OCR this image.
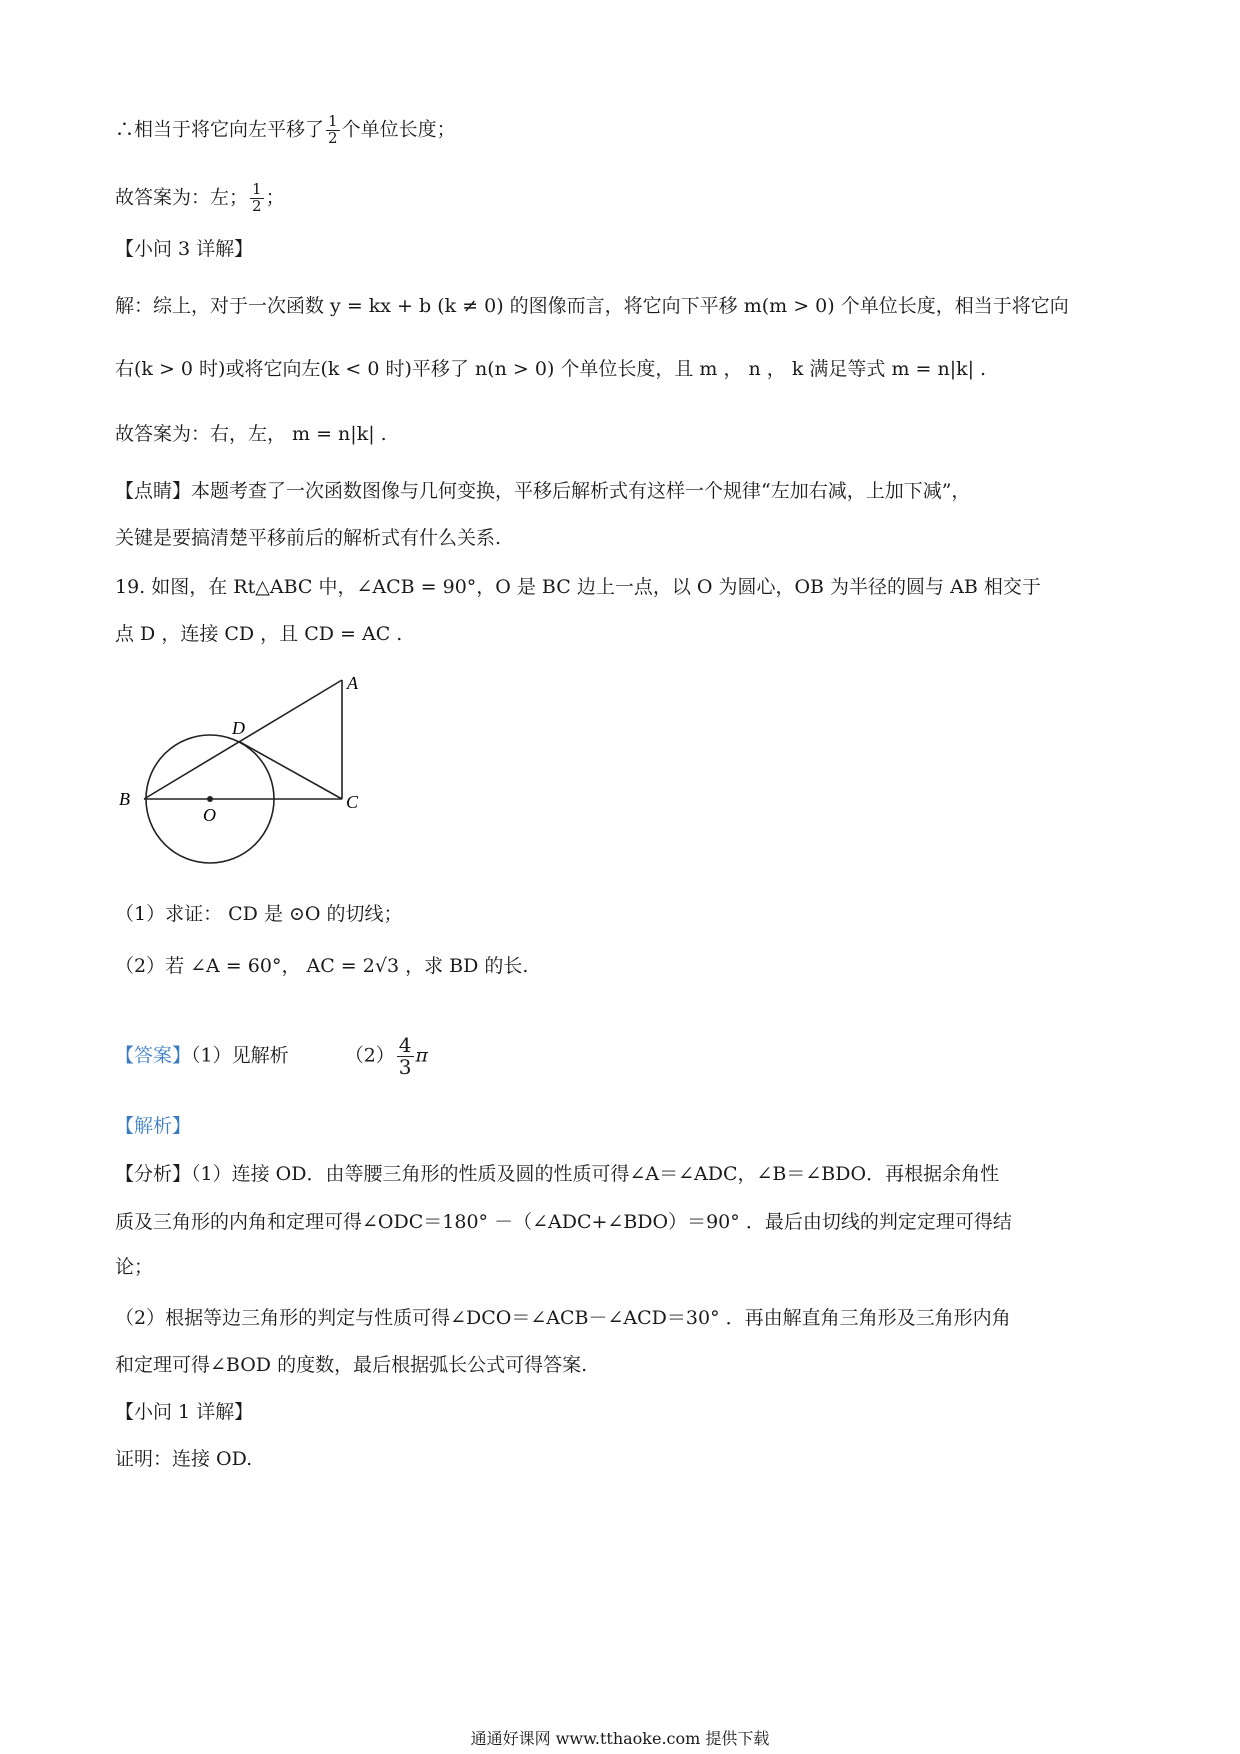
∴相当于将它向左平移了 $\frac{1}{2}$ 个单位长度；
故答案为：左； $\frac{1}{2}$ ；
【小问 3 详解】
解：综上，对于一次函数 y = kx + b (k ≠ 0) 的图像而言，将它向下平移 m(m > 0) 个单位长度，相当于将它向
右(k > 0 时)或将它向左(k < 0 时)平移了 n(n > 0) 个单位长度，且 m ， n ， k 满足等式 m = n|k| .
故答案为：右，左， m = n|k| .
【点睛】本题考查了一次函数图像与几何变换，平移后解析式有这样一个规律“左加右减，上加下减”，
关键是要搞清楚平移前后的解析式有什么关系.
19. 如图，在 Rt△ABC 中，∠ACB = 90°，O 是 BC 边上一点，以 O 为圆心，OB 为半径的圆与 AB 相交于
点 D ，连接 CD ，且 CD = AC .
A
B	C
D
O
（1）求证： CD 是 ⊙O 的切线；
（2）若 ∠A = 60°， AC = 2√3 ，求 BD 的长.
【答案】（1）见解析	$(2) \frac{4}{3}$ π
【解析】
【分析】（1）连接 OD．由等腰三角形的性质及圆的性质可得∠A＝∠ADC，∠B＝∠BDO．再根据余角性
质及三角形的内角和定理可得∠ODC＝180° －（∠ADC+∠BDO）＝90° ．最后由切线的判定定理可得结
论；
（2）根据等边三角形的判定与性质可得∠DCO＝∠ACB－∠ACD＝30° ．再由解直角三角形及三角形内角
和定理可得∠BOD 的度数，最后根据弧长公式可得答案.
【小问 1 详解】
证明：连接 OD.
通通好课网 www.tthaoke.com 提供下载
